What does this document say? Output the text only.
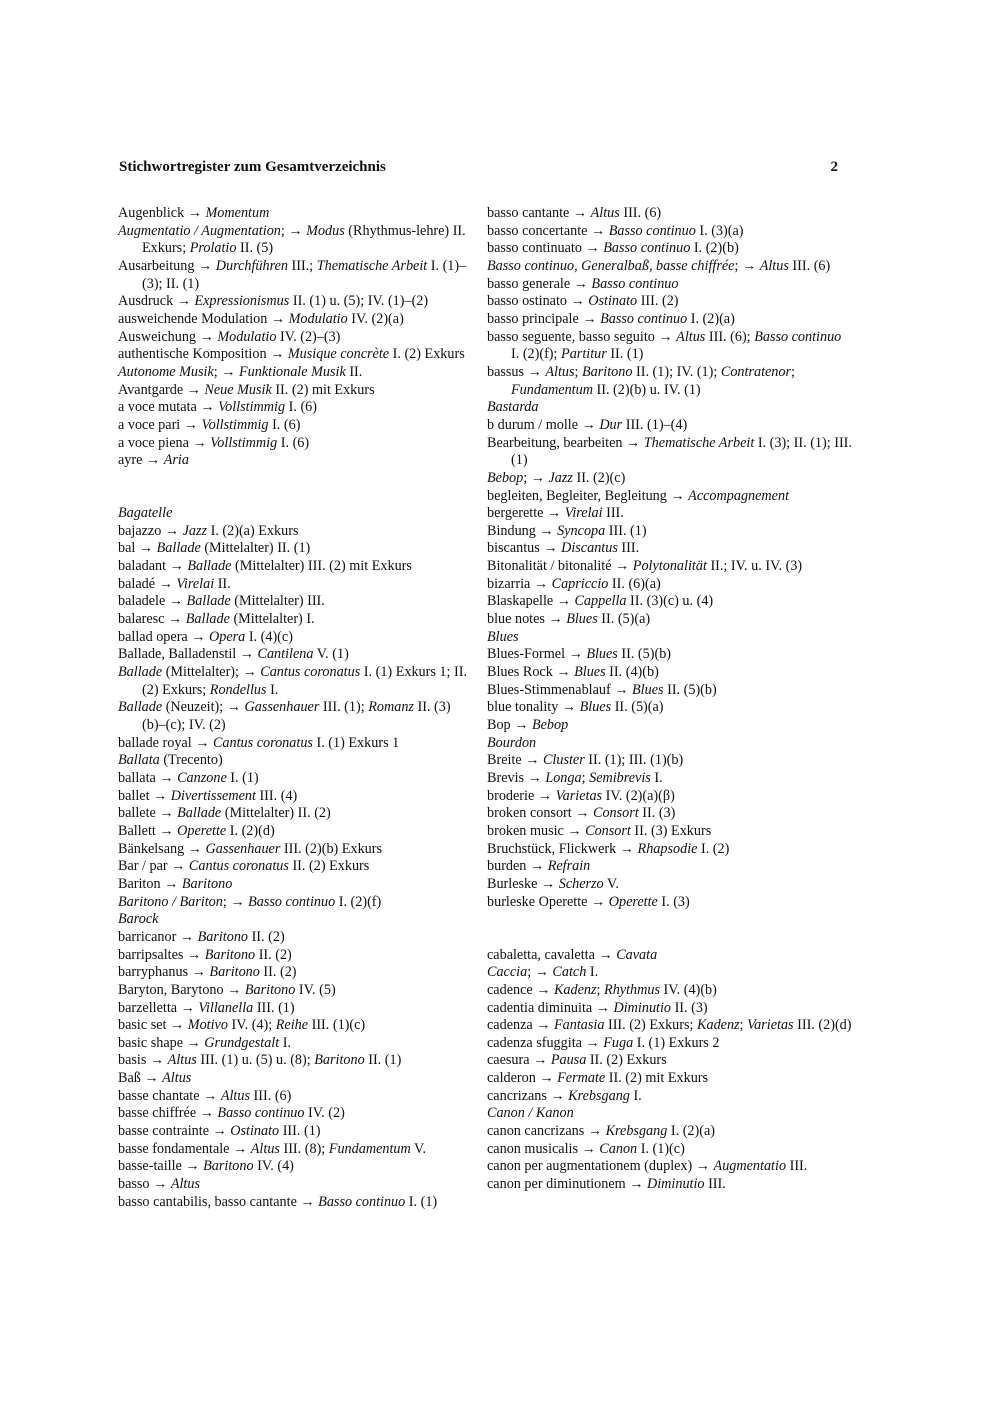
Stichwortregister zum Gesamtverzeichnis	2
Augenblick → Momentum
Augmentatio / Augmentation; → Modus (Rhythmus-lehre) II. Exkurs; Prolatio II. (5)
Ausarbeitung → Durchführen III.; Thematische Arbeit I. (1)–(3); II. (1)
Ausdruck → Expressionismus II. (1) u. (5); IV. (1)–(2)
ausweichende Modulation → Modulatio IV. (2)(a)
Ausweichung → Modulatio IV. (2)–(3)
authentische Komposition → Musique concrète I. (2) Exkurs
Autonome Musik; → Funktionale Musik II.
Avantgarde → Neue Musik II. (2) mit Exkurs
a voce mutata → Vollstimmig I. (6)
a voce pari → Vollstimmig I. (6)
a voce piena → Vollstimmig I. (6)
ayre → Aria
Bagatelle
bajazzo → Jazz I. (2)(a) Exkurs
bal → Ballade (Mittelalter) II. (1)
baladant → Ballade (Mittelalter) III. (2) mit Exkurs
baladé → Virelai II.
baladele → Ballade (Mittelalter) III.
balaresc → Ballade (Mittelalter) I.
ballad opera → Opera I. (4)(c)
Ballade, Balladenstil → Cantilena V. (1)
Ballade (Mittelalter); → Cantus coronatus I. (1) Exkurs 1; II. (2) Exkurs; Rondellus I.
Ballade (Neuzeit); → Gassenhauer III. (1); Romanz II. (3)(b)–(c); IV. (2)
ballade royal → Cantus coronatus I. (1) Exkurs 1
Ballata (Trecento)
ballata → Canzone I. (1)
ballet → Divertissement III. (4)
ballete → Ballade (Mittelalter) II. (2)
Ballett → Operette I. (2)(d)
Bänkelsang → Gassenhauer III. (2)(b) Exkurs
Bar / par → Cantus coronatus II. (2) Exkurs
Bariton → Baritono
Baritono / Bariton; → Basso continuo I. (2)(f)
Barock
barricanor → Baritono II. (2)
barripsaltes → Baritono II. (2)
barryphanus → Baritono II. (2)
Baryton, Barytono → Baritono IV. (5)
barzelletta → Villanella III. (1)
basic set → Motivo IV. (4); Reihe III. (1)(c)
basic shape → Grundgestalt I.
basis → Altus III. (1) u. (5) u. (8); Baritono II. (1)
Baß → Altus
basse chantate → Altus III. (6)
basse chiffrée → Basso continuo IV. (2)
basse contrainte → Ostinato III. (1)
basse fondamentale → Altus III. (8); Fundamentum V.
basse-taille → Baritono IV. (4)
basso → Altus
basso cantabilis, basso cantante → Basso continuo I. (1)
basso cantante → Altus III. (6)
basso concertante → Basso continuo I. (3)(a)
basso continuato → Basso continuo I. (2)(b)
Basso continuo, Generalbaß, basse chiffrée; → Altus III. (6)
basso generale → Basso continuo
basso ostinato → Ostinato III. (2)
basso principale → Basso continuo I. (2)(a)
basso seguente, basso seguito → Altus III. (6); Basso continuo I. (2)(f); Partitur II. (1)
bassus → Altus; Baritono II. (1); IV. (1); Contratenor; Fundamentum II. (2)(b) u. IV. (1)
Bastarda
b durum / molle → Dur III. (1)–(4)
Bearbeitung, bearbeiten → Thematische Arbeit I. (3); II. (1); III. (1)
Bebop; → Jazz II. (2)(c)
begleiten, Begleiter, Begleitung → Accompagnement
bergerette → Virelai III.
Bindung → Syncopa III. (1)
biscantus → Discantus III.
Bitonalität / bitonalité → Polytonalität II.; IV. u. IV. (3)
bizarria → Capriccio II. (6)(a)
Blaskapelle → Cappella II. (3)(c) u. (4)
blue notes → Blues II. (5)(a)
Blues
Blues-Formel → Blues II. (5)(b)
Blues Rock → Blues II. (4)(b)
Blues-Stimmenablauf → Blues II. (5)(b)
blue tonality → Blues II. (5)(a)
Bop → Bebop
Bourdon
Breite → Cluster II. (1); III. (1)(b)
Brevis → Longa; Semibrevis I.
broderie → Varietas IV. (2)(a)(β)
broken consort → Consort II. (3)
broken music → Consort II. (3) Exkurs
Bruchstück, Flickwerk → Rhapsodie I. (2)
burden → Refrain
Burleske → Scherzo V.
burleske Operette → Operette I. (3)
cabaletta, cavaletta → Cavata
Caccia; → Catch I.
cadence → Kadenz; Rhythmus IV. (4)(b)
cadentia diminuita → Diminutio II. (3)
cadenza → Fantasia III. (2) Exkurs; Kadenz; Varietas III. (2)(d)
cadenza sfuggita → Fuga I. (1) Exkurs 2
caesura → Pausa II. (2) Exkurs
calderon → Fermate II. (2) mit Exkurs
cancrizans → Krebsgang I.
Canon / Kanon
canon cancrizans → Krebsgang I. (2)(a)
canon musicalis → Canon I. (1)(c)
canon per augmentationem (duplex) → Augmentatio III.
canon per diminutionem → Diminutio III.
